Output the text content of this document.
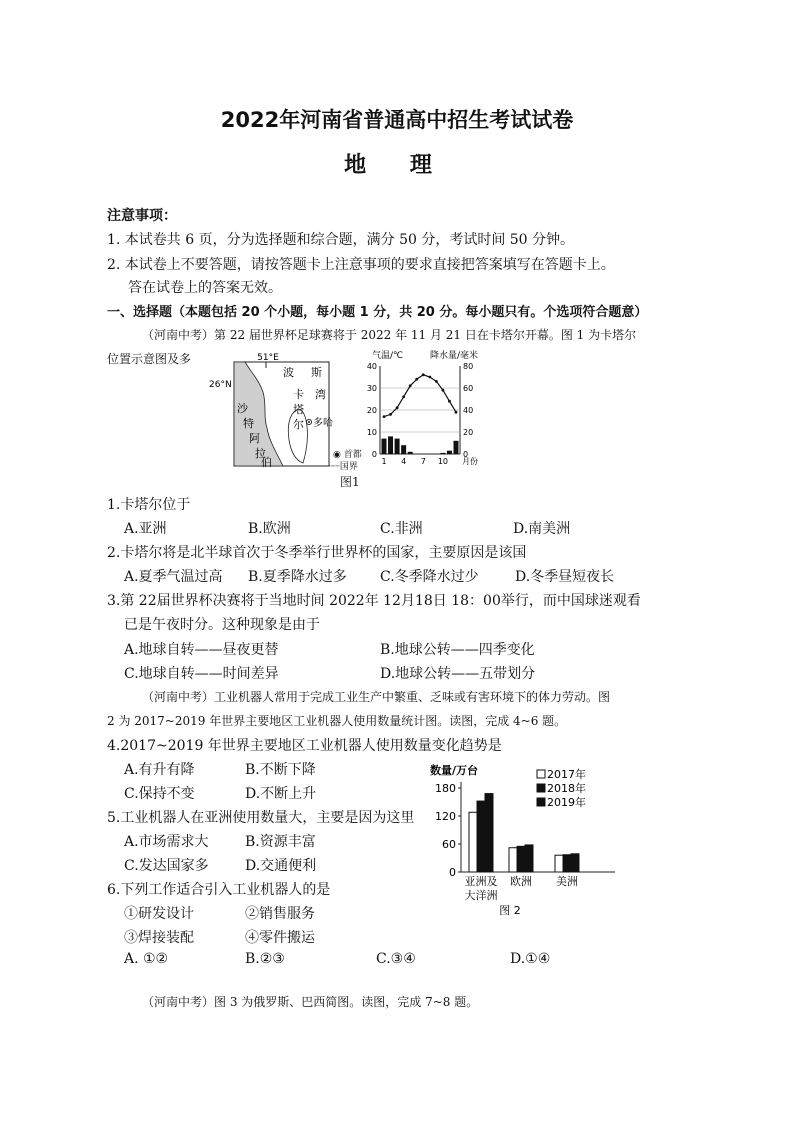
2022年河南省普通高中招生考试试卷
地 理
注意事项：
1. 本试卷共 6 页，分为选择题和综合题，满分 50 分，考试时间 50 分钟。
2. 本试卷上不要答题，请按答题卡上注意事项的要求直接把答案填写在答题卡上。
答在试卷上的答案无效。
一、选择题（本题包括 20 个小题，每小题 1 分，共 20 分。每小题只有。个选项符合题意）
（河南中考）第 22 届世界杯足球赛将于 2022 年 11 月 21 日在卡塔尔开幕。图 1 为卡塔尔
位置示意图及多	51°E
26°N
波 斯
湾
沙
特
阿
拉
伯
卡
塔
尔 多哈
◉ 首都
┈┈国界
气温/℃	降水量/毫米
40
30
20
10
0
80
60
40
20
0
1 4 7 10 月份
图1
1.卡塔尔位于
A.亚洲	B.欧洲	C.非洲	D.南美洲
2.卡塔尔将是北半球首次于冬季举行世界杯的国家，主要原因是该国
A.夏季气温过高 B.夏季降水过多 C.冬季降水过少	D.冬季昼短夜长
3.第 22届世界杯决赛将于当地时间 2022年 12月18日 18：00举行，而中国球迷观看
已是午夜时分。这种现象是由于
A.地球自转——昼夜更替	B.地球公转——四季变化
C.地球自转——时间差异	D.地球公转——五带划分
（河南中考）工业机器人常用于完成工业生产中繁重、乏味或有害环境下的体力劳动。图
2 为 2017~2019 年世界主要地区工业机器人使用数量统计图。读图，完成 4~6 题。
4.2017~2019 年世界主要地区工业机器人使用数量变化趋势是
A.有升有降	B.不断下降
C.保持不变	D.不断上升
5.工业机器人在亚洲使用数量大，主要是因为这里
A.市场需求大	B.资源丰富
C.发达国家多	D.交通便利
6.下列工作适合引入工业机器人的是
①研发设计	②销售服务
③焊接装配	④零件搬运
A. ①②	B.②③	C.③④	D.①④
数量/万台
180
120
60
0
2017年
2018年
2019年
亚洲及
大洋洲
欧洲 美洲
图 2
（河南中考）图 3 为俄罗斯、巴西简图。读图，完成 7~8 题。
